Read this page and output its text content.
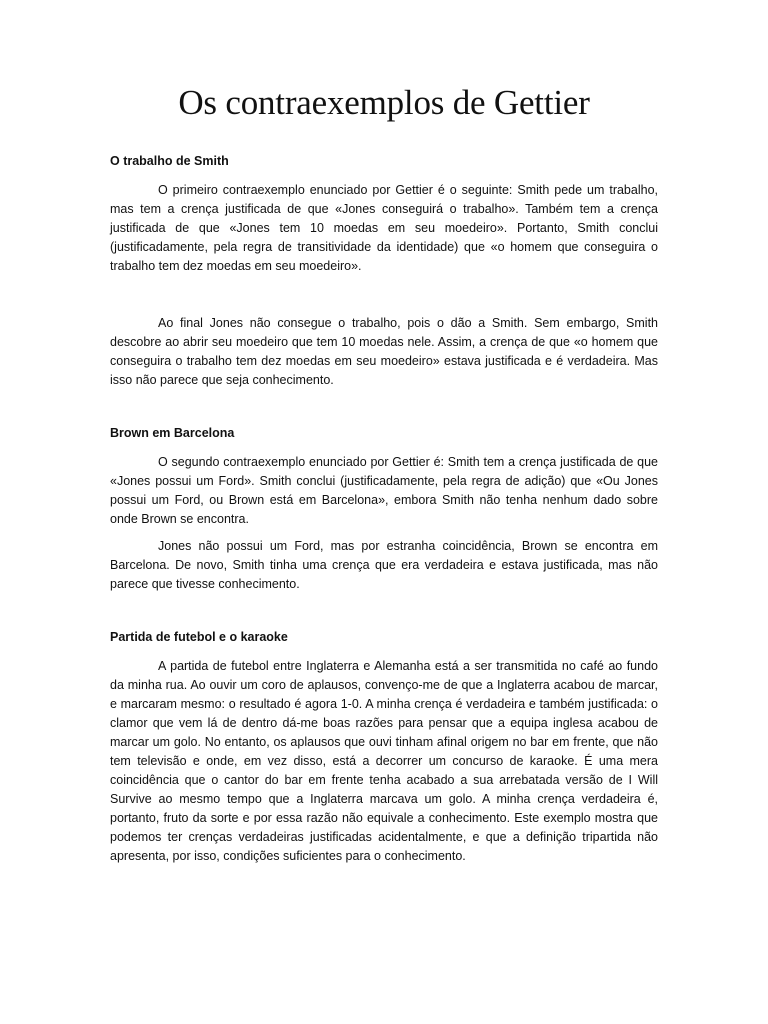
Os contraexemplos de Gettier
O trabalho de Smith

O primeiro contraexemplo enunciado por Gettier é o seguinte: Smith pede um trabalho, mas tem a crença justificada de que «Jones conseguirá o trabalho». Também tem a crença justificada de que «Jones tem 10 moedas em seu moedeiro». Portanto, Smith conclui (justificadamente, pela regra de transitividade da identidade) que «o homem que conseguira o trabalho tem dez moedas em seu moedeiro».

Ao final Jones não consegue o trabalho, pois o dão a Smith. Sem embargo, Smith descobre ao abrir seu moedeiro que tem 10 moedas nele. Assim, a crença de que «o homem que conseguira o trabalho tem dez moedas em seu moedeiro» estava justificada e é verdadeira. Mas isso não parece que seja conhecimento.

Brown em Barcelona

O segundo contraexemplo enunciado por Gettier é: Smith tem a crença justificada de que «Jones possui um Ford». Smith conclui (justificadamente, pela regra de adição) que «Ou Jones possui um Ford, ou Brown está em Barcelona», embora Smith não tenha nenhum dado sobre onde Brown se encontra.

Jones não possui um Ford, mas por estranha coincidência, Brown se encontra em Barcelona. De novo, Smith tinha uma crença que era verdadeira e estava justificada, mas não parece que tivesse conhecimento.

Partida de futebol e o karaoke

A partida de futebol entre Inglaterra e Alemanha está a ser transmitida no café ao fundo da minha rua. Ao ouvir um coro de aplausos, convenço-me de que a Inglaterra acabou de marcar, e marcaram mesmo: o resultado é agora 1-0. A minha crença é verdadeira e também justificada: o clamor que vem lá de dentro dá-me boas razões para pensar que a equipa inglesa acabou de marcar um golo. No entanto, os aplausos que ouvi tinham afinal origem no bar em frente, que não tem televisão e onde, em vez disso, está a decorrer um concurso de karaoke. É uma mera coincidência que o cantor do bar em frente tenha acabado a sua arrebatada versão de I Will Survive ao mesmo tempo que a Inglaterra marcava um golo. A minha crença verdadeira é, portanto, fruto da sorte e por essa razão não equivale a conhecimento. Este exemplo mostra que podemos ter crenças verdadeiras justificadas acidentalmente, e que a definição tripartida não apresenta, por isso, condições suficientes para o conhecimento.
